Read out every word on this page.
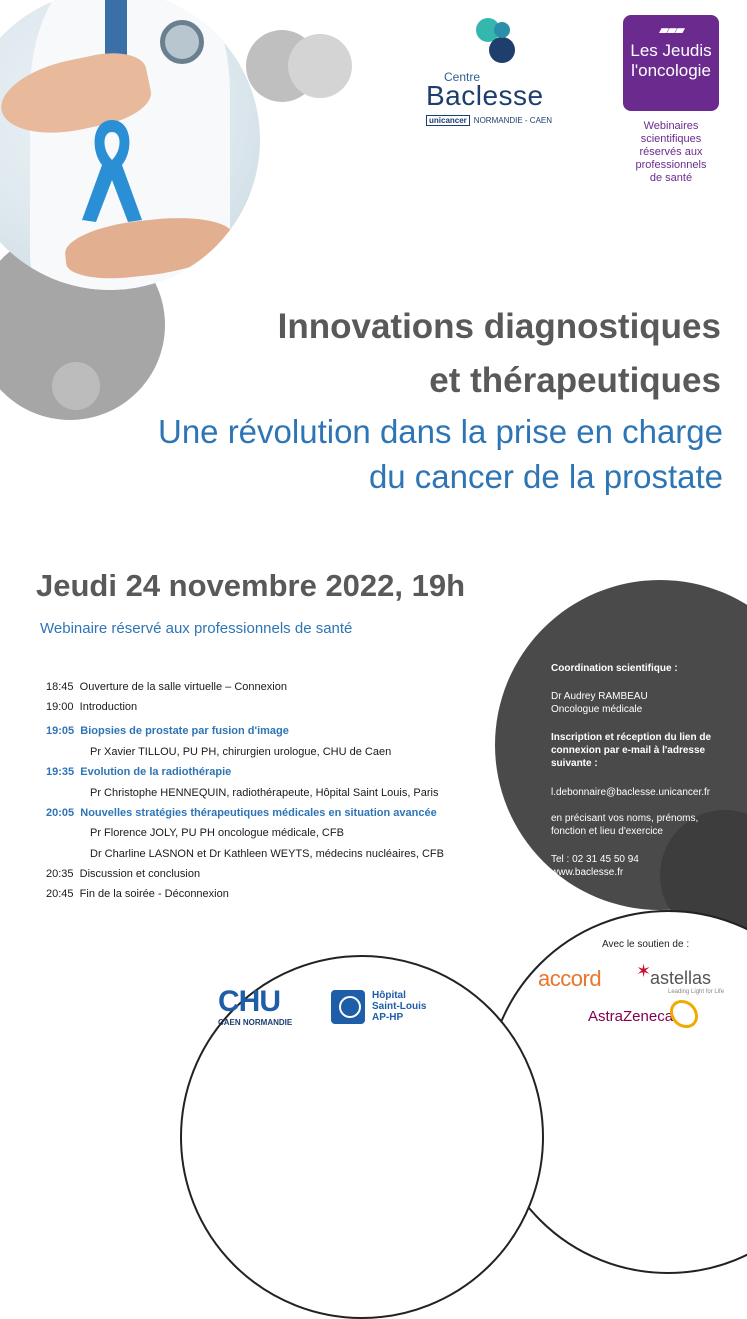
Centre
Baclesse
unicancer NORMANDIE - CAEN
▰▰▰
Les Jeudis
l'oncologie
Webinaires
scientifiques
réservés aux
professionnels
de santé
Innovations diagnostiques
et thérapeutiques
Une révolution dans la prise en charge
du cancer de la prostate
Jeudi 24 novembre 2022, 19h
Webinaire réservé aux professionnels de santé
18:45 Ouverture de la salle virtuelle – Connexion
19:00 Introduction
19:05 Biopsies de prostate par fusion d'image
Pr Xavier TILLOU, PU PH, chirurgien urologue, CHU de Caen
19:35 Evolution de la radiothérapie
Pr Christophe HENNEQUIN, radiothérapeute, Hôpital Saint Louis, Paris
20:05 Nouvelles stratégies thérapeutiques médicales en situation avancée
Pr Florence JOLY, PU PH oncologue médicale, CFB
Dr Charline LASNON et Dr Kathleen WEYTS, médecins nucléaires, CFB
20:35 Discussion et conclusion
20:45 Fin de la soirée - Déconnexion
Coordination scientifique :
Dr Audrey RAMBEAU
Oncologue médicale
Inscription et réception du lien de
connexion par e-mail à l'adresse
suivante :
l.debonnaire@baclesse.unicancer.fr
en précisant vos noms, prénoms,
fonction et lieu d'exercice
Tel : 02 31 45 50 94
www.baclesse.fr
Avec le soutien de :
accord ✶
astellas
Leading Light for Life
AstraZeneca
CHU
CAEN NORMANDIE
Hôpital
Saint-Louis
AP-HP
